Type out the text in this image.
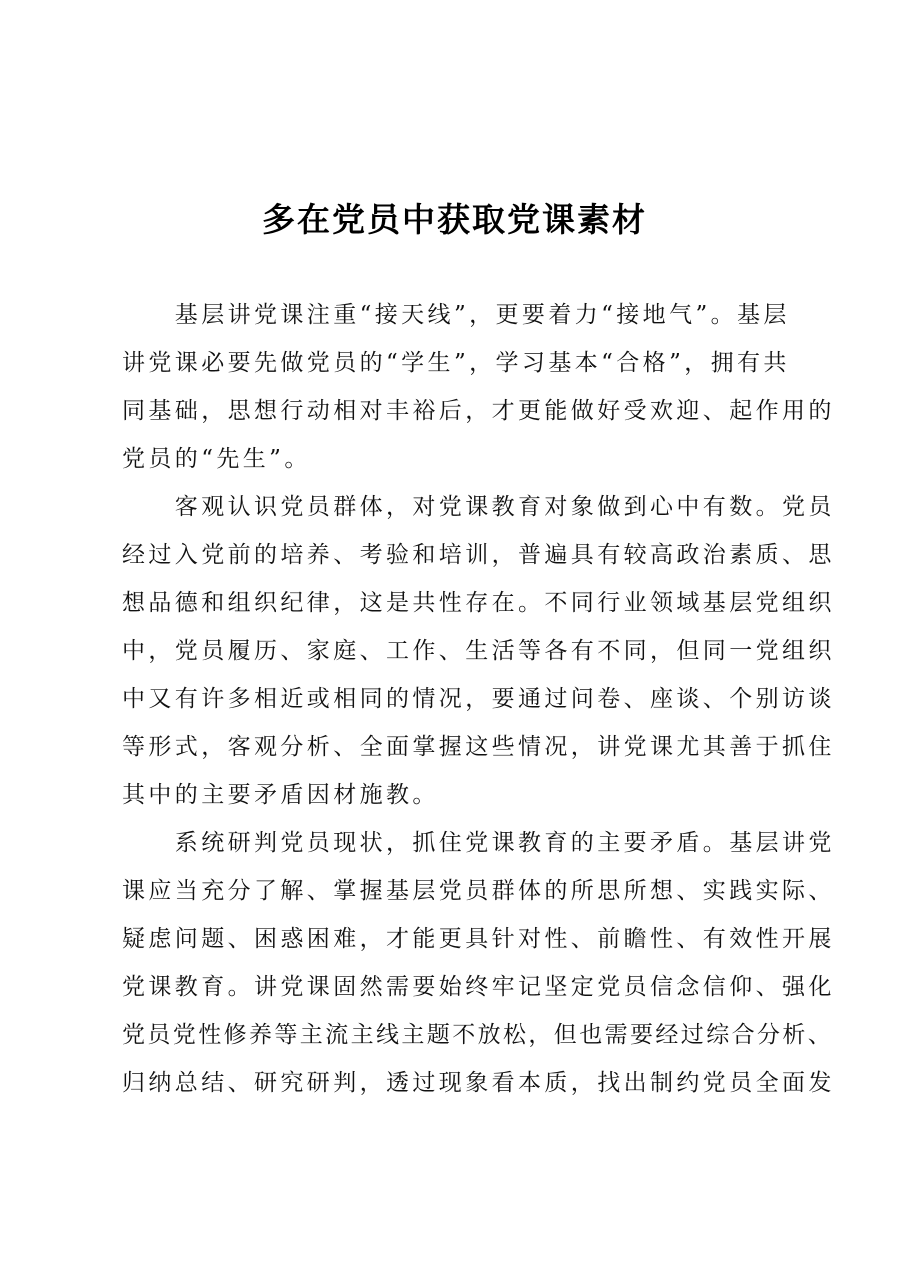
多在党员中获取党课素材
　　基层讲党课注重“接天线”，更要着力“接地气”。基层
讲党课必要先做党员的“学生”，学习基本“合格”，拥有共
同基础，思想行动相对丰裕后，才更能做好受欢迎、起作用的
党员的“先生”。
　　客观认识党员群体，对党课教育对象做到心中有数。党员
经过入党前的培养、考验和培训，普遍具有较高政治素质、思
想品德和组织纪律，这是共性存在。不同行业领域基层党组织
中，党员履历、家庭、工作、生活等各有不同，但同一党组织
中又有许多相近或相同的情况，要通过问卷、座谈、个别访谈
等形式，客观分析、全面掌握这些情况，讲党课尤其善于抓住
其中的主要矛盾因材施教。
　　系统研判党员现状，抓住党课教育的主要矛盾。基层讲党
课应当充分了解、掌握基层党员群体的所思所想、实践实际、
疑虑问题、困惑困难，才能更具针对性、前瞻性、有效性开展
党课教育。讲党课固然需要始终牢记坚定党员信念信仰、强化
党员党性修养等主流主线主题不放松，但也需要经过综合分析、
归纳总结、研究研判，透过现象看本质，找出制约党员全面发
